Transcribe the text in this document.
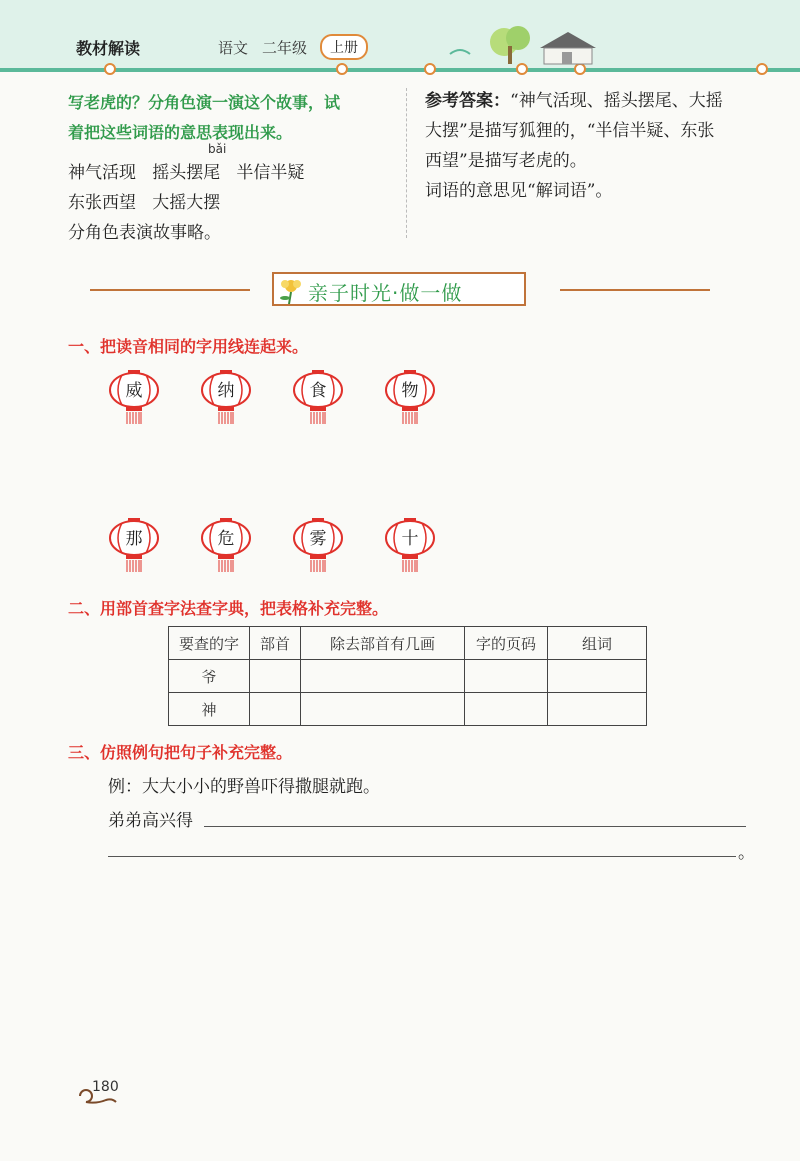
教材解读	语文 二年级	上册
写老虎的？分角色演一演这个故事，试
着把这些词语的意思表现出来。
bǎi
神气活现   摇头摆尾   半信半疑
东张西望   大摇大摆
分角色表演故事略。
参考答案：“神气活现、摇头摆尾、大摇
大摆”是描写狐狸的，“半信半疑、东张
西望”是描写老虎的。
词语的意思见“解词语”。
亲子时光·做一做
一、把读音相同的字用线连起来。
二、用部首查字法查字典，把表格补充完整。
要查的字	部首	除去部首有几画	字的页码	组词
爷				
神				
三、仿照例句把句子补充完整。
例：大大小小的野兽吓得撒腿就跑。
弟弟高兴得
。
180
威	纳	食	物
那	危	雾	十
